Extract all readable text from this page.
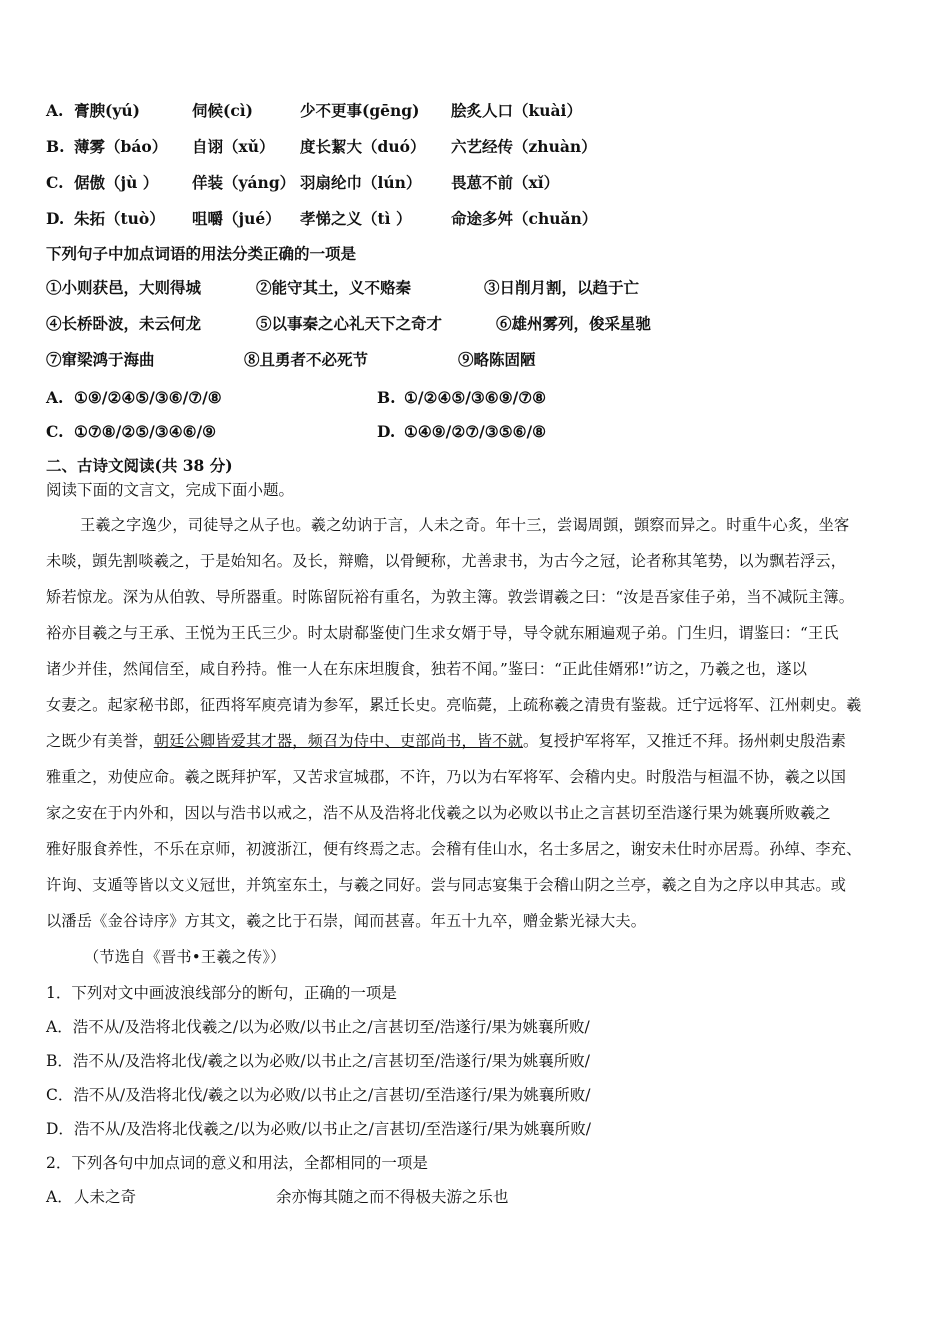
A. 膏腴(yú)	伺候(cì)	少不更事(gēng) 脍炙人口（kuài）
B. 薄雾（báo） 自诩（xǔ） 度长絜大（duó） 六艺经传（zhuàn）
C. 倨傲（jù ） 佯装（yáng） 羽扇纶巾（lún） 畏葸不前（xǐ）
D. 朱拓（tuò） 咀嚼（jué） 孝悌之义（tì ）	命途多舛（chuǎn）
下列句子中加点词语的用法分类正确的一项是
①小则获邑，大则得城	②能守其土，义不赂秦	③日削月割，以趋于亡
④长桥卧波，未云何龙	⑤以事秦之心礼天下之奇才	⑥雄州雾列，俊采星驰
⑦窜梁鸿于海曲	⑧且勇者不必死节	⑨略陈固陋
A. ①⑨/②④⑤/③⑥/⑦/⑧	B. ①/②④⑤/③⑥⑨/⑦⑧
C. ①⑦⑧/②⑤/③④⑥/⑨	D. ①④⑨/②⑦/③⑤⑥/⑧
二、古诗文阅读(共 38 分)
阅读下面的文言文，完成下面小题。
王羲之字逸少，司徒导之从子也。羲之幼讷于言，人未之奇。年十三，尝谒周顗，顗察而异之。时重牛心炙，坐客
未啖，顗先割啖羲之，于是始知名。及长，辩赡，以骨鲠称，尤善隶书，为古今之冠，论者称其笔势，以为飘若浮云，
矫若惊龙。深为从伯敦、导所器重。时陈留阮裕有重名，为敦主簿。敦尝谓羲之曰：“汝是吾家佳子弟，当不减阮主簿。
裕亦目羲之与王承、王悦为王氏三少。时太尉郗鉴使门生求女婿于导，导令就东厢遍观子弟。门生归，谓鉴曰：“王氏
诸少并佳，然闻信至，咸自矜持。惟一人在东床坦腹食，独若不闻。”鉴曰：“正此佳婿邪!”访之，乃羲之也，遂以
女妻之。起家秘书郎，征西将军庾亮请为参军，累迁长史。亮临薨，上疏称羲之清贵有鉴裁。迁宁远将军、江州刺史。羲
之既少有美誉，朝廷公卿皆爱其才器，频召为侍中、吏部尚书，皆不就。复授护军将军，又推迁不拜。扬州刺史殷浩素
雅重之，劝使应命。羲之既拜护军，又苦求宣城郡，不许，乃以为右军将军、会稽内史。时殷浩与桓温不协，羲之以国
家之安在于内外和，因以与浩书以戒之，浩不从及浩将北伐羲之以为必败以书止之言甚切至浩遂行果为姚襄所败羲之
雅好服食养性，不乐在京师，初渡浙江，便有终焉之志。会稽有佳山水，名士多居之，谢安未仕时亦居焉。孙绰、李充、
许询、支遁等皆以文义冠世，并筑室东土，与羲之同好。尝与同志宴集于会稽山阴之兰亭，羲之自为之序以申其志。或
以潘岳《金谷诗序》方其文，羲之比于石崇，闻而甚喜。年五十九卒，赠金紫光禄大夫。
（节选自《晋书•王羲之传》）
1．下列对文中画波浪线部分的断句，正确的一项是
A．浩不从/及浩将北伐羲之/以为必败/以书止之/言甚切至/浩遂行/果为姚襄所败/
B．浩不从/及浩将北伐/羲之以为必败/以书止之/言甚切至/浩遂行/果为姚襄所败/
C．浩不从/及浩将北伐/羲之以为必败/以书止之/言甚切/至浩遂行/果为姚襄所败/
D．浩不从/及浩将北伐羲之/以为必败/以书止之/言甚切/至浩遂行/果为姚襄所败/
2．下列各句中加点词的意义和用法，全都相同的一项是
A． 人未之奇	余亦悔其随之而不得极夫游之乐也
